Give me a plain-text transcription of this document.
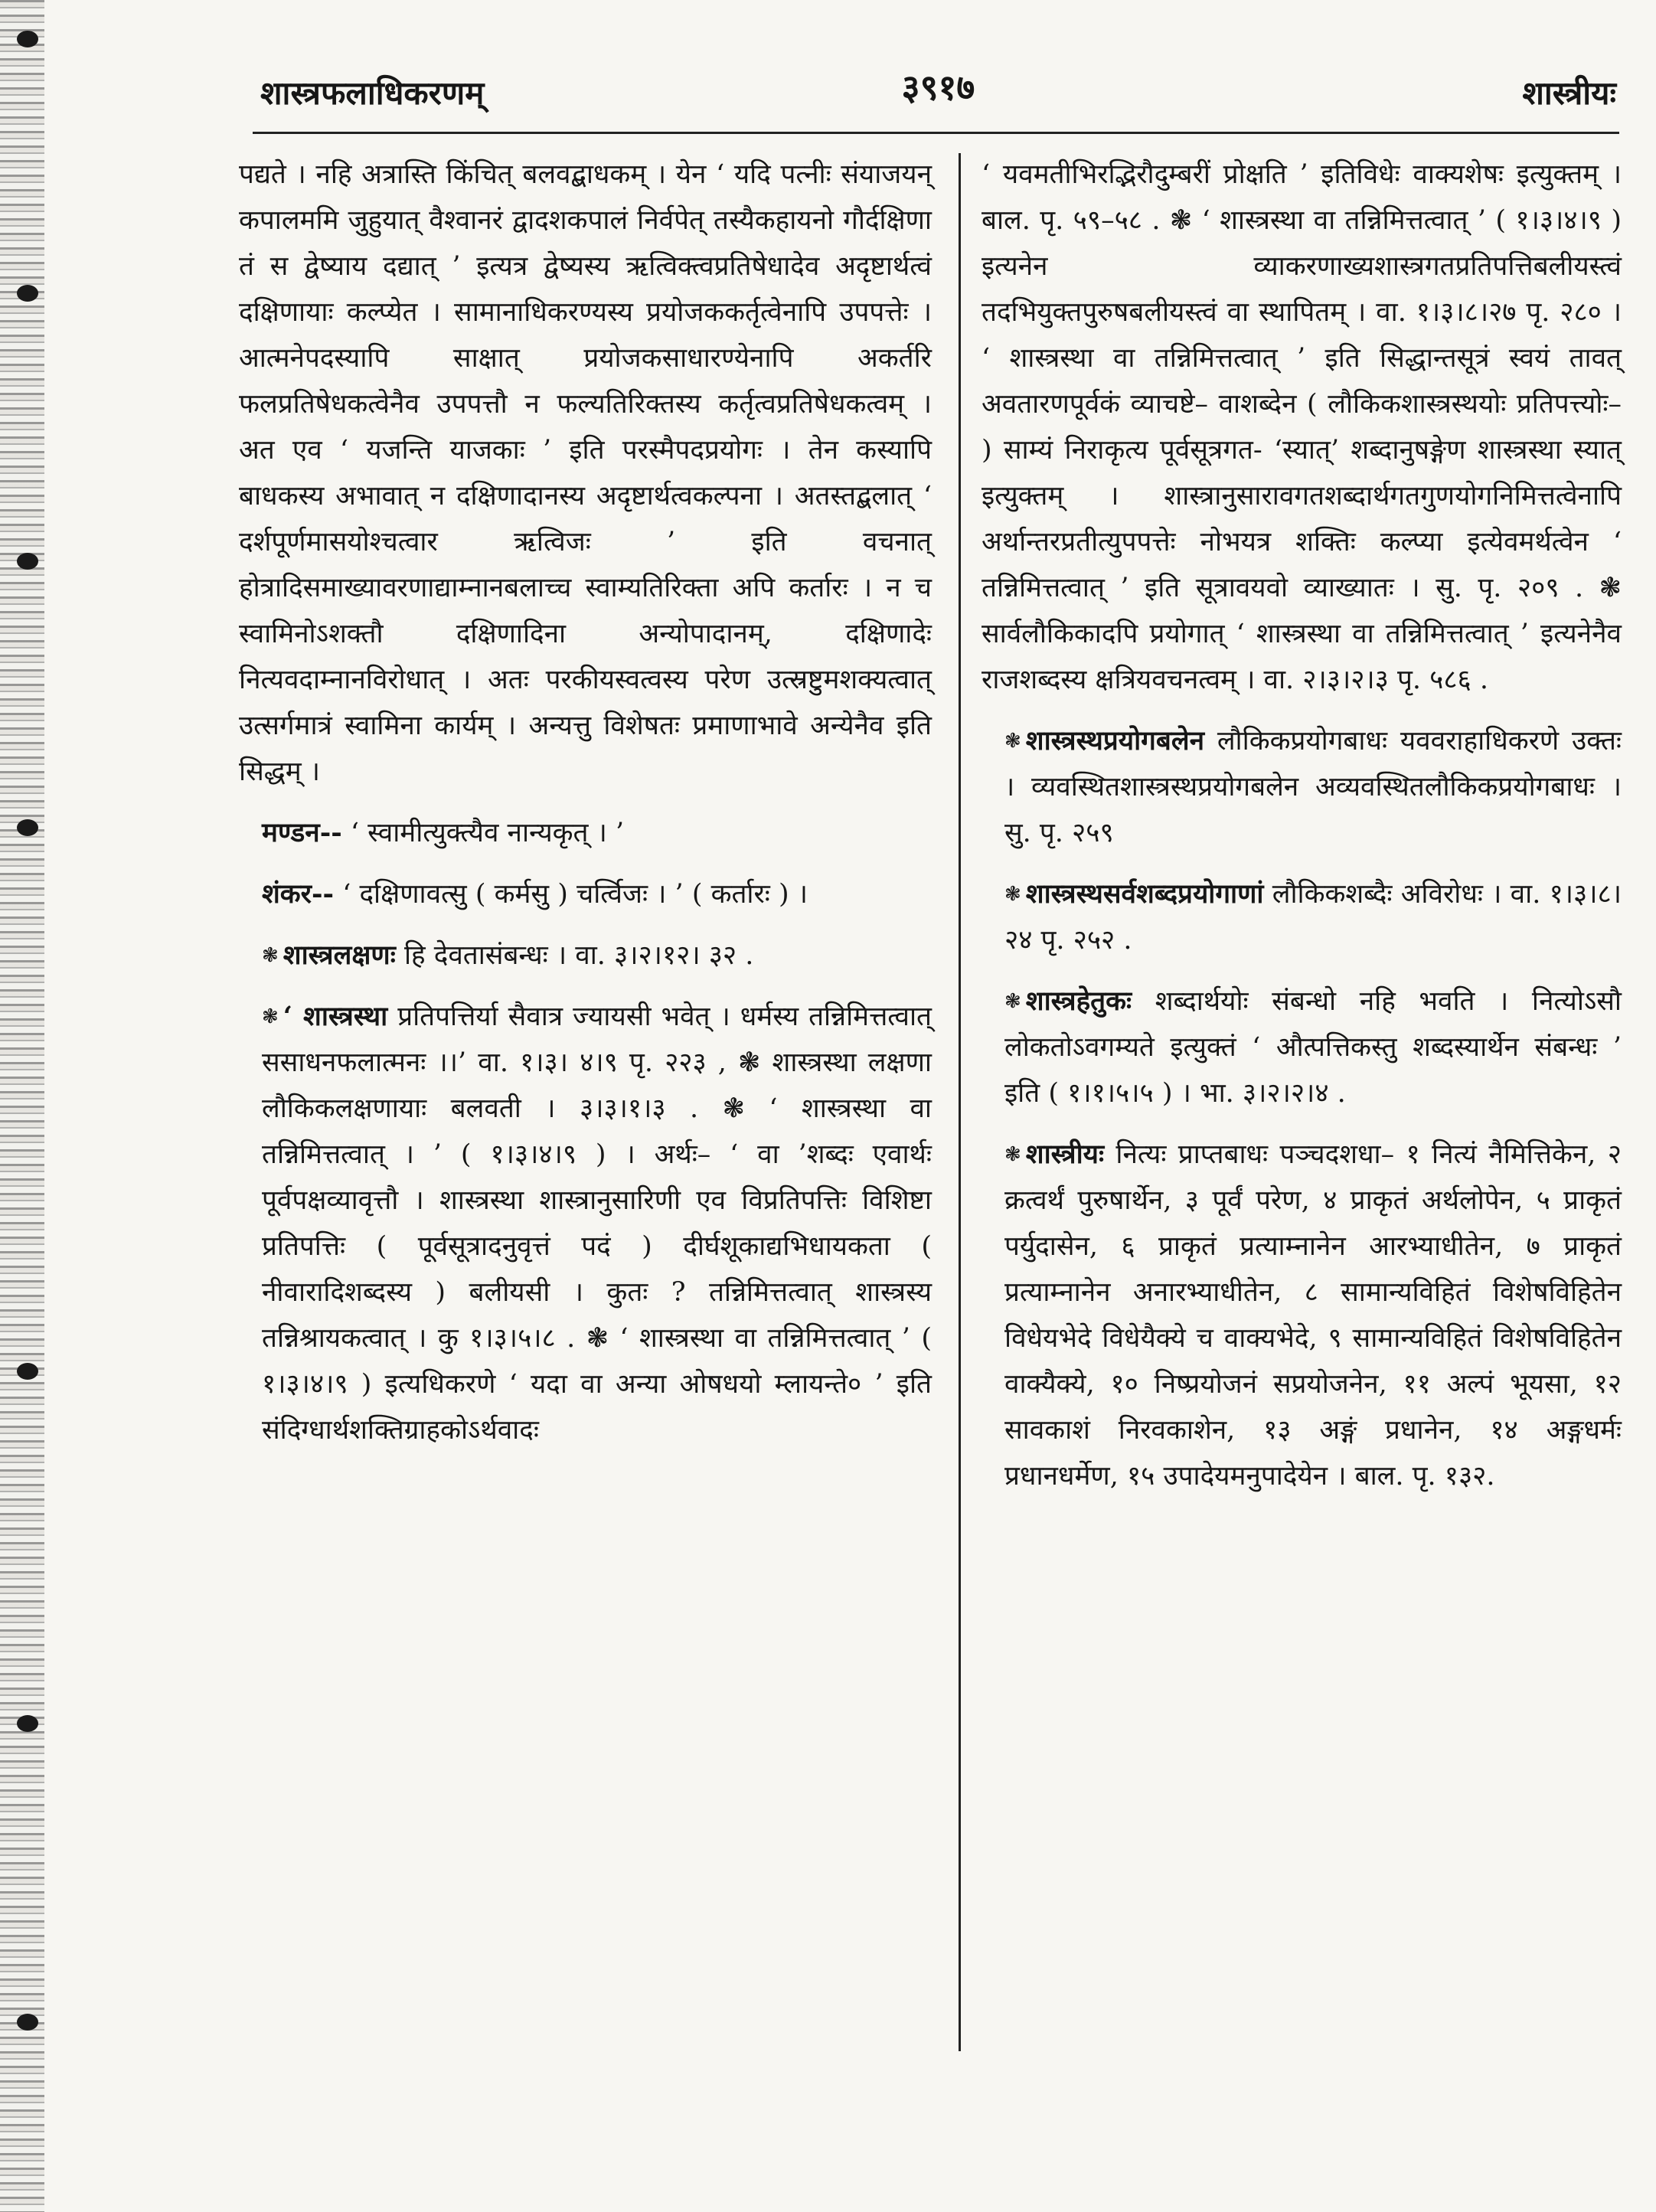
शास्त्रफलाधिकरणम्	३९१७	शास्त्रीयः

पद्यते । नहि अत्रास्ति किंचित् बलवद्बाधकम् । येन ‘ यदि पत्नीः संयाजयन् कपालममि जुहुयात् वैश्वानरं द्वादशकपालं निर्वपेत् तस्यैकहायनो गौर्दक्षिणा तं स द्वेष्याय दद्यात् ’ इत्यत्र द्वेष्यस्य ऋत्विक्त्वप्रतिषेधादेव अदृष्टार्थत्वं दक्षिणायाः कल्प्येत । सामानाधिकरण्यस्य प्रयोजककर्तृत्वेनापि उपपत्तेः । आत्मनेपदस्यापि साक्षात् प्रयोजकसाधारण्येनापि अकर्तरि फलप्रतिषेधकत्वेनैव उपपत्तौ न फल्यतिरिक्तस्य कर्तृत्वप्रतिषेधकत्वम् । अत एव ‘ यजन्ति याजकाः ’ इति परस्मैपदप्रयोगः । तेन कस्यापि बाधकस्य अभावात् न दक्षिणादानस्य अदृष्टार्थत्वकल्पना । अतस्तद्बलात् ‘ दर्शपूर्णमासयोश्चत्वार ऋत्विजः ’ इति वचनात् होत्रादिसमाख्यावरणाद्याम्नानबलाच्च स्वाम्यतिरिक्ता अपि कर्तारः । न च स्वामिनोऽशक्तौ दक्षिणादिना अन्योपादानम्, दक्षिणादेः नित्यवदाम्नानविरोधात् । अतः परकीयस्वत्वस्य परेण उत्स्रष्टुमशक्यत्वात् उत्सर्गमात्रं स्वामिना कार्यम् । अन्यत्तु विशेषतः प्रमाणाभावे अन्येनैव इति सिद्धम् ।

मण्डन-- ‘ स्वामीत्युक्त्यैव नान्यकृत् । ’

शंकर-- ‘ दक्षिणावत्सु ( कर्मसु ) चर्त्विजः । ’ ( कर्तारः ) ।

❃ शास्त्रलक्षणः हि देवतासंबन्धः । वा. ३।२।१२। ३२ .

❃ ‘ शास्त्रस्था प्रतिपत्तिर्या सैवात्र ज्यायसी भवेत् । धर्मस्य तन्निमित्तत्वात् ससाधनफलात्मनः ।।’ वा. १।३। ४।९ पृ. २२३ , ❃ शास्त्रस्था लक्षणा लौकिकलक्षणायाः बलवती । ३।३।१।३ . ❃ ‘ शास्त्रस्था वा तन्निमित्तत्वात् । ’ ( १।३।४।९ ) । अर्थः– ‘ वा ’शब्दः एवार्थः पूर्वपक्षव्यावृत्तौ । शास्त्रस्था शास्त्रानुसारिणी एव विप्रतिपत्तिः विशिष्टा प्रतिपत्तिः ( पूर्वसूत्रादनुवृत्तं पदं ) दीर्घशूकाद्यभिधायकता ( नीवारादिशब्दस्य ) बलीयसी । कुतः ? तन्निमित्तत्वात् शास्त्रस्य तन्निश्रायकत्वात् । कु १।३।५।८ . ❃ ‘ शास्त्रस्था वा तन्निमित्तत्वात् ’ ( १।३।४।९ ) इत्यधिकरणे ‘ यदा वा अन्या ओषधयो म्लायन्ते० ’ इति संदिग्धार्थशक्तिग्राहकोऽर्थवादः

‘ यवमतीभिरद्भिरौदुम्बरीं प्रोक्षति ’ इतिविधेः वाक्यशेषः इत्युक्तम् । बाल. पृ. ५९–५८ . ❃ ‘ शास्त्रस्था वा तन्निमित्तत्वात् ’ ( १।३।४।९ ) इत्यनेन व्याकरणाख्यशास्त्रगतप्रतिपत्तिबलीयस्त्वं तदभियुक्तपुरुषबलीयस्त्वं वा स्थापितम् । वा. १।३।८।२७ पृ. २८० । ‘ शास्त्रस्था वा तन्निमित्तत्वात् ’ इति सिद्धान्तसूत्रं स्वयं तावत् अवतारणपूर्वकं व्याचष्टे– वाशब्देन ( लौकिकशास्त्रस्थयोः प्रतिपत्त्योः– ) साम्यं निराकृत्य पूर्वसूत्रगत- ‘स्यात्’ शब्दानुषङ्गेण शास्त्रस्था स्यात् इत्युक्तम् । शास्त्रानुसारावगतशब्दार्थगतगुणयोगनिमित्तत्वेनापि अर्थान्तरप्रतीत्युपपत्तेः नोभयत्र शक्तिः कल्प्या इत्येवमर्थत्वेन ‘ तन्निमित्तत्वात् ’ इति सूत्रावयवो व्याख्यातः । सु. पृ. २०९ . ❃ सार्वलौकिकादपि प्रयोगात् ‘ शास्त्रस्था वा तन्निमित्तत्वात् ’ इत्यनेनैव राजशब्दस्य क्षत्रियवचनत्वम् । वा. २।३।२।३ पृ. ५८६ .

❃ शास्त्रस्थप्रयोगबलेन लौकिकप्रयोगबाधः यववराहाधिकरणे उक्तः । व्यवस्थितशास्त्रस्थप्रयोगबलेन अव्यवस्थितलौकिकप्रयोगबाधः । सु. पृ. २५९

❃ शास्त्रस्थसर्वशब्दप्रयोगाणां लौकिकशब्दैः अविरोधः । वा. १।३।८।२४ पृ. २५२ .

❃ शास्त्रहेतुकः शब्दार्थयोः संबन्धो नहि भवति । नित्योऽसौ लोकतोऽवगम्यते इत्युक्तं ‘ औत्पत्तिकस्तु शब्दस्यार्थेन संबन्धः ’ इति ( १।१।५।५ ) । भा. ३।२।२।४ .

❃ शास्त्रीयः नित्यः प्राप्तबाधः पञ्चदशधा– १ नित्यं नैमित्तिकेन, २ क्रत्वर्थं पुरुषार्थेन, ३ पूर्वं परेण, ४ प्राकृतं अर्थलोपेन, ५ प्राकृतं पर्युदासेन, ६ प्राकृतं प्रत्याम्नानेन आरभ्याधीतेन, ७ प्राकृतं प्रत्याम्नानेन अनारभ्याधीतेन, ८ सामान्यविहितं विशेषविहितेन विधेयभेदे विधेयैक्ये च वाक्यभेदे, ९ सामान्यविहितं विशेषविहितेन वाक्यैक्ये, १० निष्प्रयोजनं सप्रयोजनेन, ११ अल्पं भूयसा, १२ सावकाशं निरवकाशेन, १३ अङ्गं प्रधानेन, १४ अङ्गधर्मः प्रधानधर्मेण, १५ उपादेयमनुपादेयेन । बाल. पृ. १३२.
